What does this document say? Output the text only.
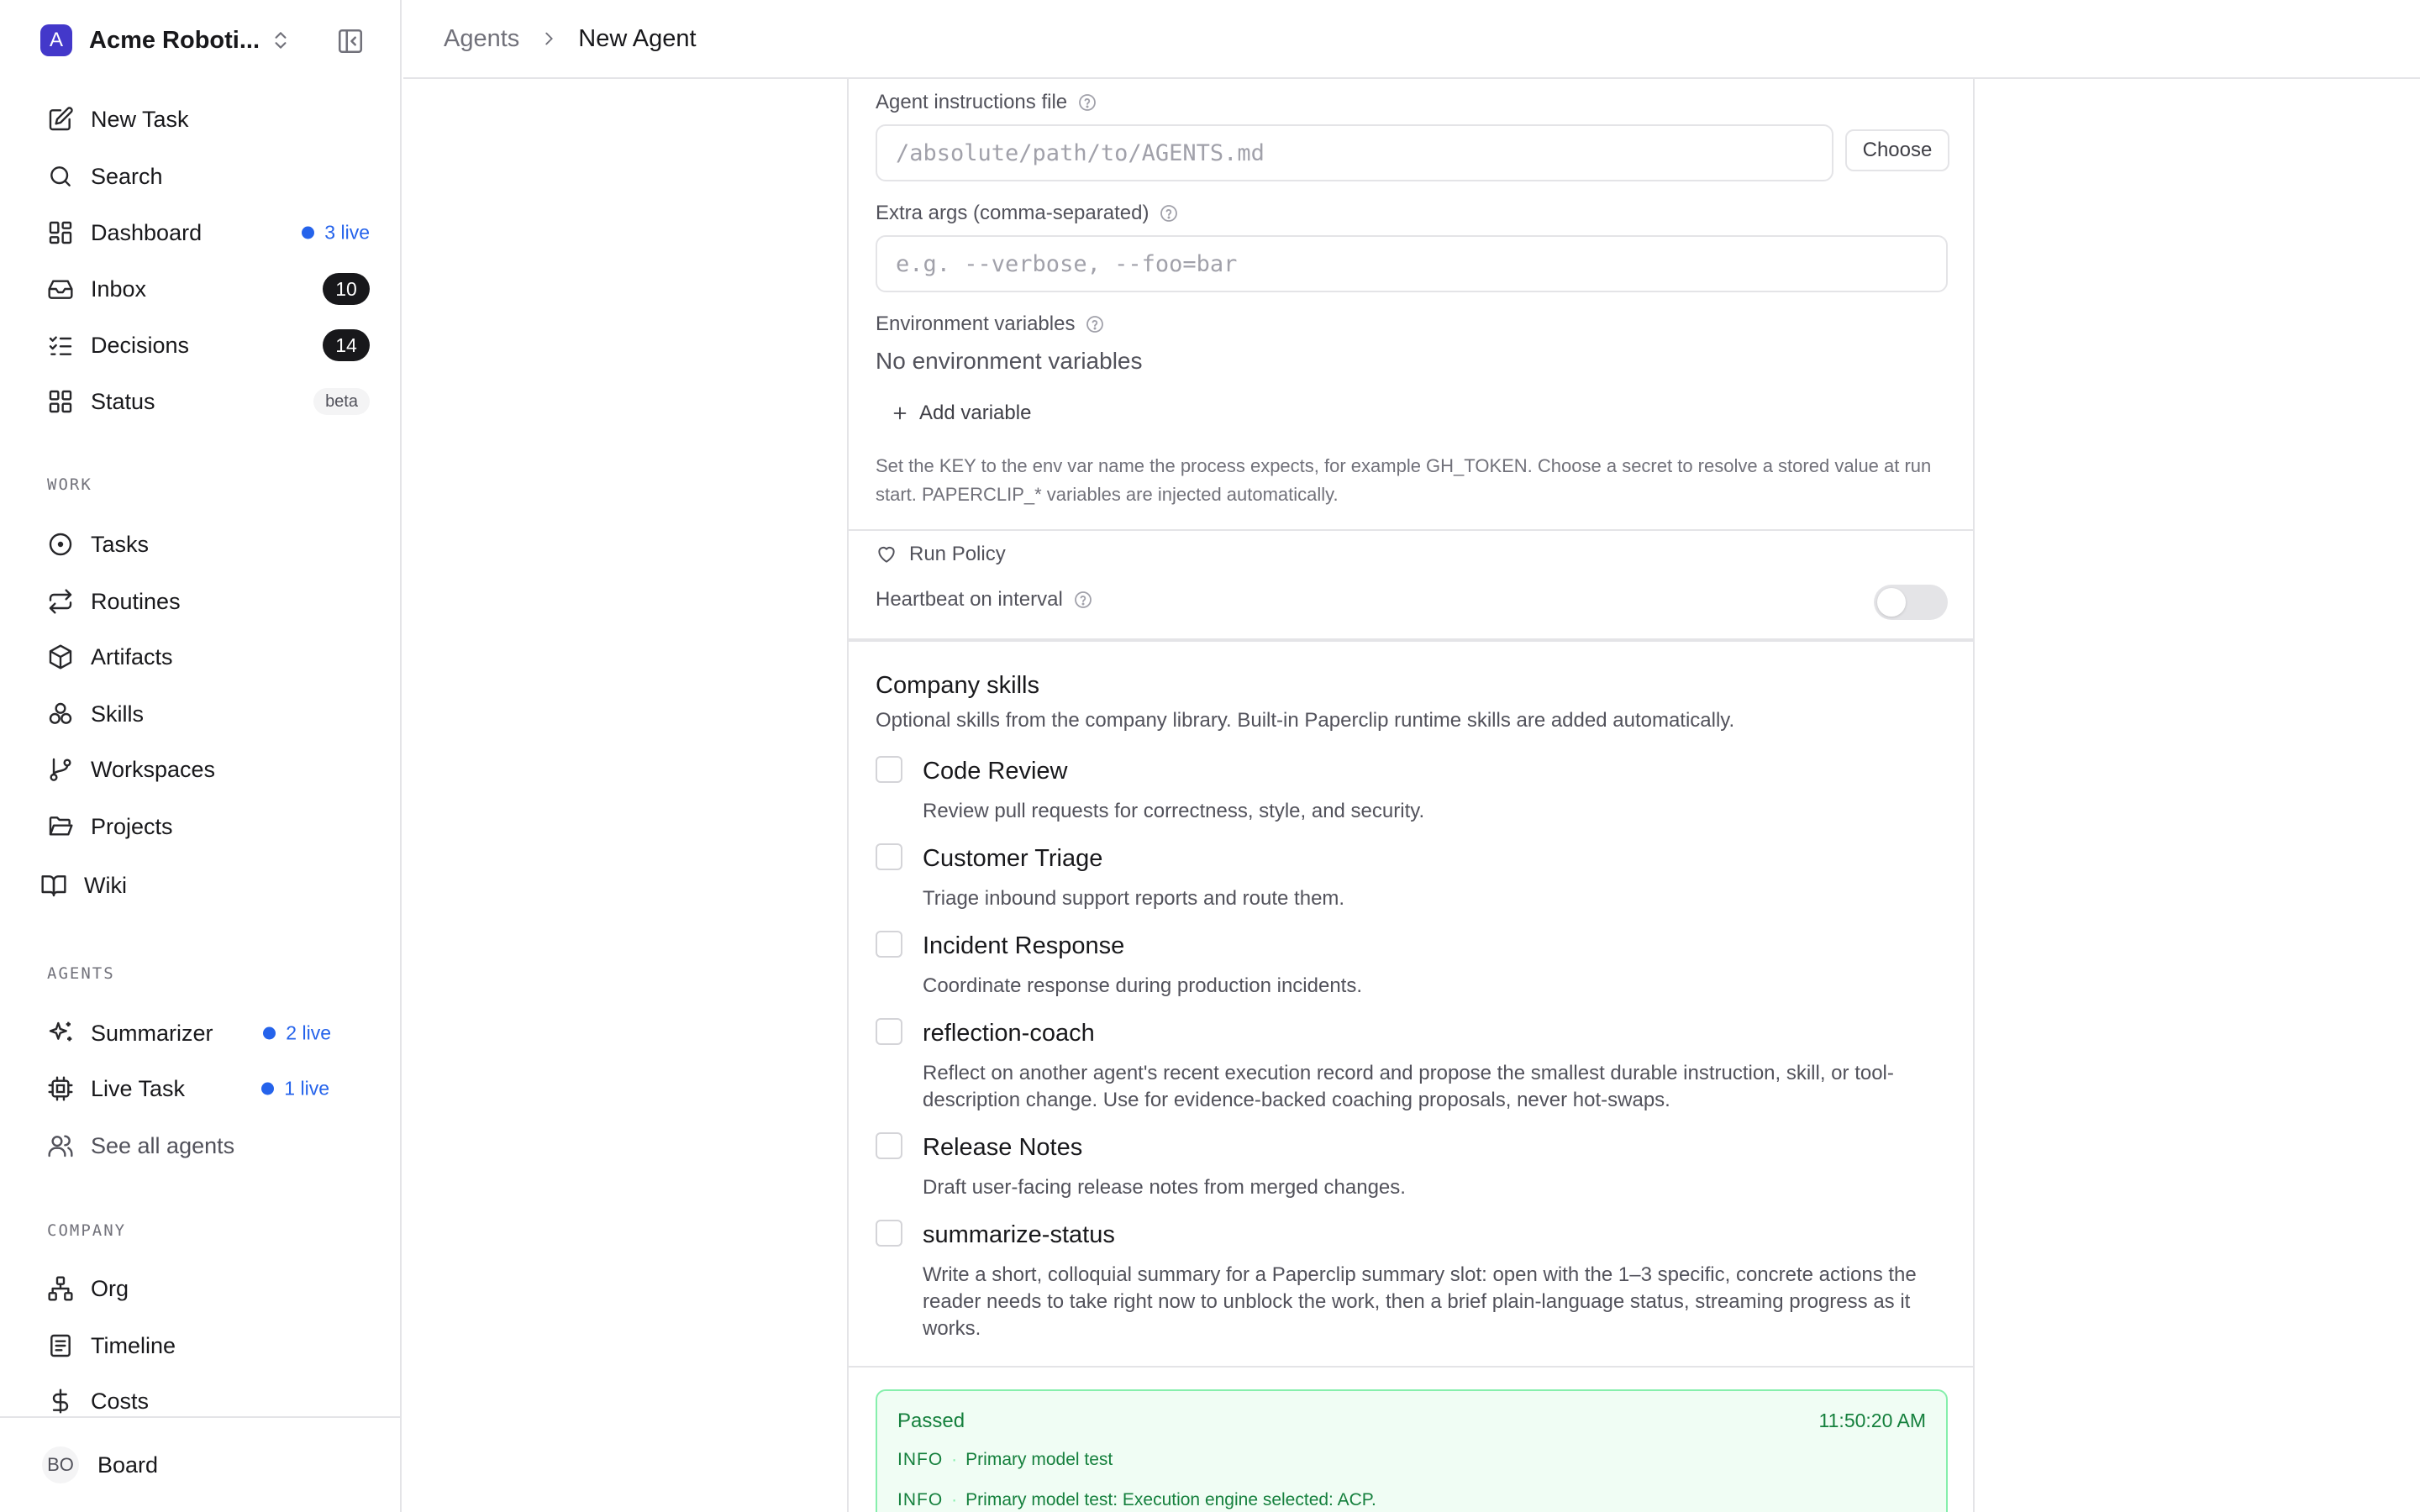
A	Acme Roboti...
New Task
Search
Dashboard	3 live
Inbox	10
Decisions	14
Status	beta
WORK
Tasks
Routines
Artifacts
Skills
Workspaces
Projects
Wiki
AGENTS
Summarizer	2 live
Live Task	1 live
See all agents
COMPANY
Org
Timeline
Costs
BO Board
Agents New Agent
Agent instructions file
/absolute/path/to/AGENTS.md	Choose
Extra args (comma-separated)
e.g. --verbose, --foo=bar
Environment variables
No environment variables
Add variable
Set the KEY to the env var name the process expects, for example GH_TOKEN. Choose a secret to resolve a stored value at run start. PAPERCLIP_* variables are injected automatically.
Run Policy
Heartbeat on interval
Company skills
Optional skills from the company library. Built-in Paperclip runtime skills are added automatically.
Code Review
Review pull requests for correctness, style, and security.
Customer Triage
Triage inbound support reports and route them.
Incident Response
Coordinate response during production incidents.
reflection-coach
Reflect on another agent's recent execution record and propose the smallest durable instruction, skill, or tool-description change. Use for evidence-backed coaching proposals, never hot-swaps.
Release Notes
Draft user-facing release notes from merged changes.
summarize-status
Write a short, colloquial summary for a Paperclip summary slot: open with the 1–3 specific, concrete actions the reader needs to take right now to unblock the work, then a brief plain-language status, streaming progress as it works.
Passed	11:50:20 AM
INFO · Primary model test
INFO · Primary model test: Execution engine selected: ACP.
